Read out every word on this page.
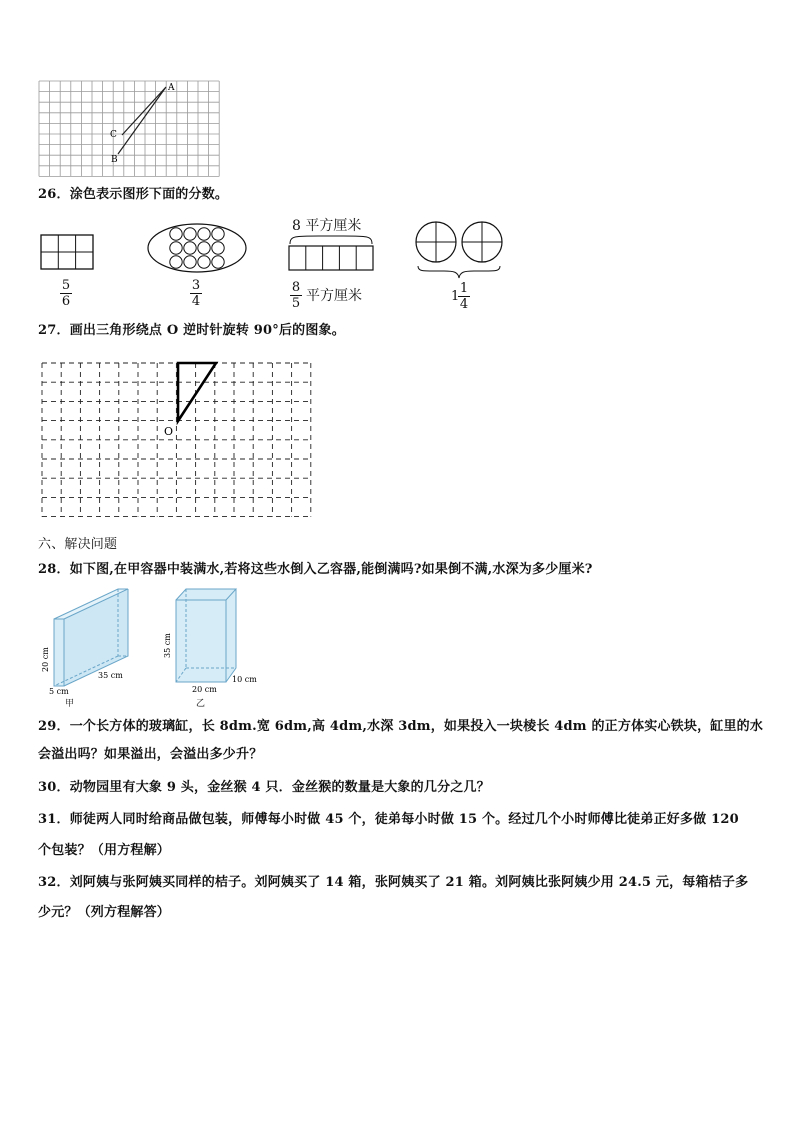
A
C
B
26．涂色表示图形下面的分数。
5
6
3
4
8 平方厘米
8
5 平方厘米	1
1
4
27．画出三角形绕点 O 逆时针旋转 90°后的图象。
O
六、解决问题
28．如下图,在甲容器中装满水,若将这些水倒入乙容器,能倒满吗?如果倒不满,水深为多少厘米?
20 cm
5 cm
35 cm
甲
35 cm
20 cm
10 cm
乙
29．一个长方体的玻璃缸，长 8dm.宽 6dm,高 4dm,水深 3dm，如果投入一块棱长 4dm 的正方体实心铁块，缸里的水
会溢出吗？如果溢出，会溢出多少升？
30．动物园里有大象 9 头，金丝猴 4 只．金丝猴的数量是大象的几分之几？
31．师徒两人同时给商品做包装，师傅每小时做 45 个，徒弟每小时做 15 个。经过几个小时师傅比徒弟正好多做 120
个包装？（用方程解）
32．刘阿姨与张阿姨买同样的桔子。刘阿姨买了 14 箱，张阿姨买了 21 箱。刘阿姨比张阿姨少用 24.5 元，每箱桔子多
少元？（列方程解答）
